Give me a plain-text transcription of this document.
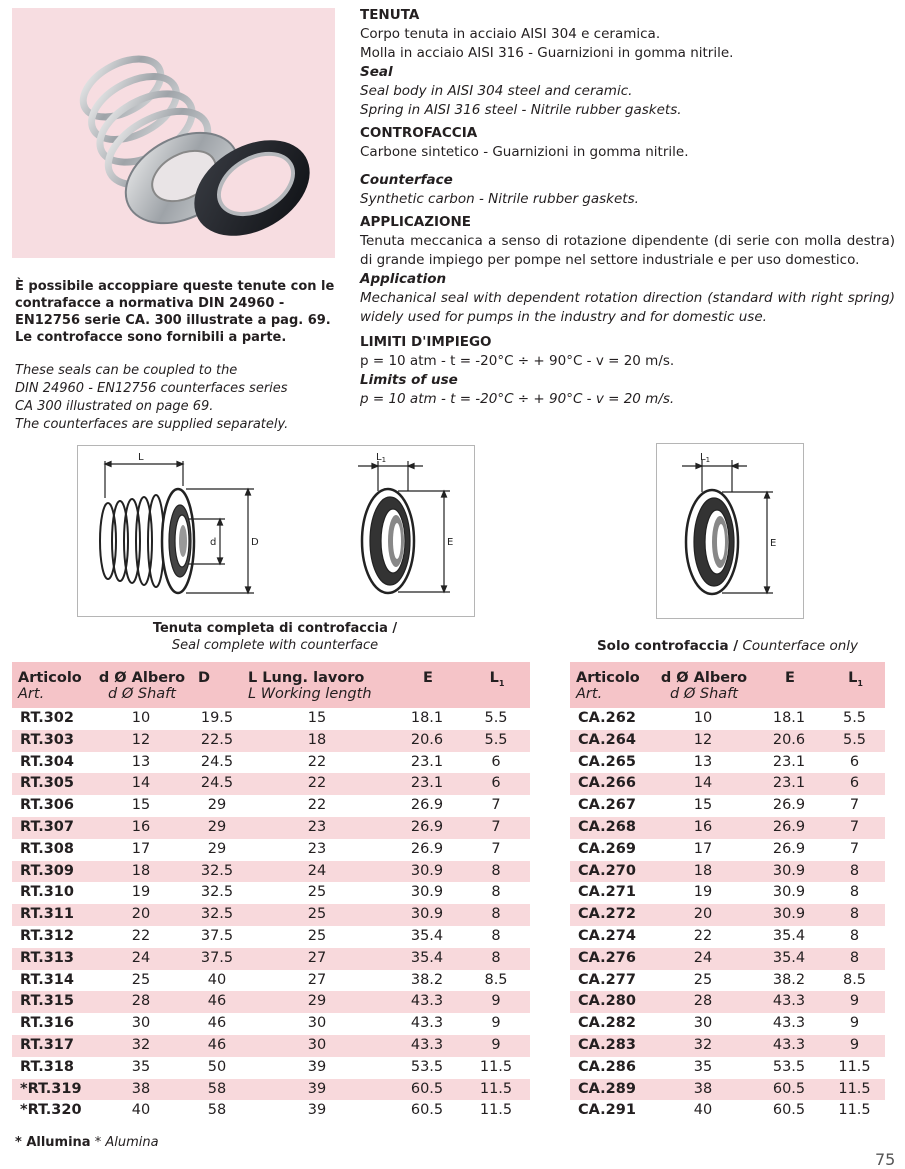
È possibile accoppiare queste tenute con le contrafacce a normativa DIN 24960 - EN12756 serie CA. 300 illustrate a pag. 69. Le controfacce sono fornibili a parte.

These seals can be coupled to the
DIN 24960 - EN12756 counterfaces series
CA 300 illustrated on page 69.
The counterfaces are supplied separately.

TENUTA

Corpo tenuta in acciaio AISI 304 e ceramica.

Molla in acciaio AISI 316 - Guarnizioni in gomma nitrile.

Seal

Seal body in AISI 304 steel and ceramic.

Spring in AISI 316 steel - Nitrile rubber gaskets.

CONTROFACCIA

Carbone sintetico - Guarnizioni in gomma nitrile.

Counterface

Synthetic carbon - Nitrile rubber gaskets.

APPLICAZIONE

Tenuta meccanica a senso di rotazione dipendente (di serie con molla destra) di grande impiego per pompe nel settore industriale e per uso domestico.

Application

Mechanical seal with dependent rotation direction (standard with right spring) widely used for pumps in the industry and for domestic use.

LIMITI D'IMPIEGO

p = 10 atm - t = -20°C ÷ + 90°C - v = 20 m/s.

Limits of use

p = 10 atm - t = -20°C ÷ + 90°C - v = 20 m/s.

L
d	D	E
$L_1$
E
$L_1$
Tenuta completa di controfaccia /
Seal complete with counterface	Solo controfaccia / Counterface only
Articolo
Art.	d Ø Albero
d Ø Shaft	D	L Lung. lavoro
L Working length	E	$L_1$
RT.302	10	19.5	15	18.1	5.5
RT.303	12	22.5	18	20.6	5.5
RT.304	13	24.5	22	23.1	6
RT.305	14	24.5	22	23.1	6
RT.306	15	29	22	26.9	7
RT.307	16	29	23	26.9	7
RT.308	17	29	23	26.9	7
RT.309	18	32.5	24	30.9	8
RT.310	19	32.5	25	30.9	8
RT.311	20	32.5	25	30.9	8
RT.312	22	37.5	25	35.4	8
RT.313	24	37.5	27	35.4	8
RT.314	25	40	27	38.2	8.5
RT.315	28	46	29	43.3	9
RT.316	30	46	30	43.3	9
RT.317	32	46	30	43.3	9
RT.318	35	50	39	53.5	11.5
*RT.319	38	58	39	60.5	11.5
*RT.320	40	58	39	60.5	11.5
Articolo
Art.	d Ø Albero
d Ø Shaft	E	$L_1$
CA.262	10	18.1	5.5
CA.264	12	20.6	5.5
CA.265	13	23.1	6
CA.266	14	23.1	6
CA.267	15	26.9	7
CA.268	16	26.9	7
CA.269	17	26.9	7
CA.270	18	30.9	8
CA.271	19	30.9	8
CA.272	20	30.9	8
CA.274	22	35.4	8
CA.276	24	35.4	8
CA.277	25	38.2	8.5
CA.280	28	43.3	9
CA.282	30	43.3	9
CA.283	32	43.3	9
CA.286	35	53.5	11.5
CA.289	38	60.5	11.5
CA.291	40	60.5	11.5
* Allumina * Alumina
75
